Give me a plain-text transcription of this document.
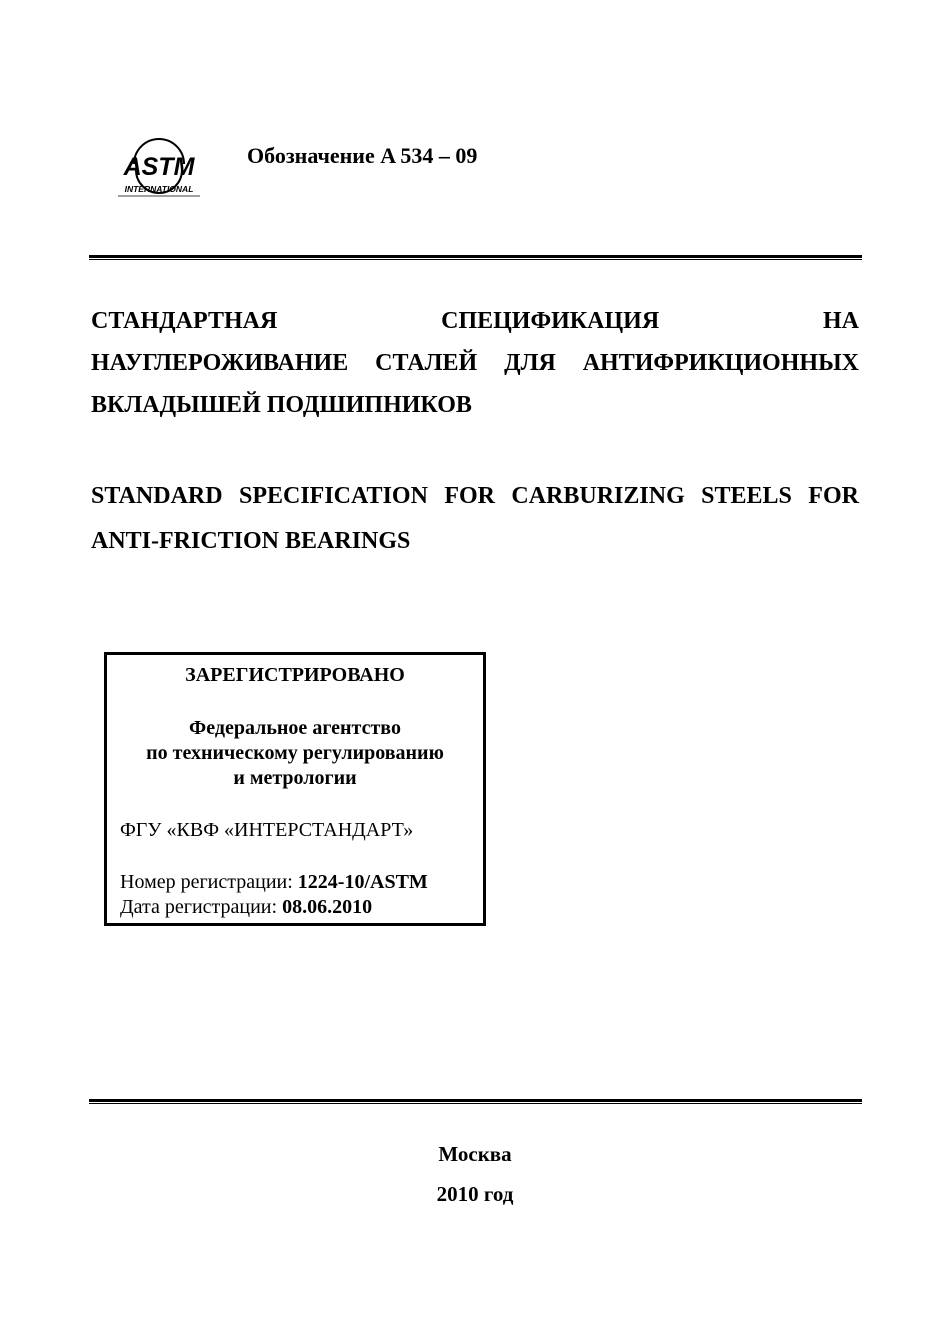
ASTM
INTERNATIONAL
Обозначение A 534 – 09
СТАНДАРТНАЯ	СПЕЦИФИКАЦИЯ	НА
НАУГЛЕРОЖИВАНИЕ СТАЛЕЙ ДЛЯ АНТИФРИКЦИОННЫХ
ВКЛАДЫШЕЙ ПОДШИПНИКОВ
STANDARD SPECIFICATION FOR CARBURIZING STEELS FOR
ANTI-FRICTION BEARINGS
ЗАРЕГИСТРИРОВАНО
Федеральное агентство
по техническому регулированию
и метрологии
ФГУ «КВФ «ИНТЕРСТАНДАРТ»
Номер регистрации: 1224-10/ASTM
Дата регистрации: 08.06.2010
Москва
2010 год
